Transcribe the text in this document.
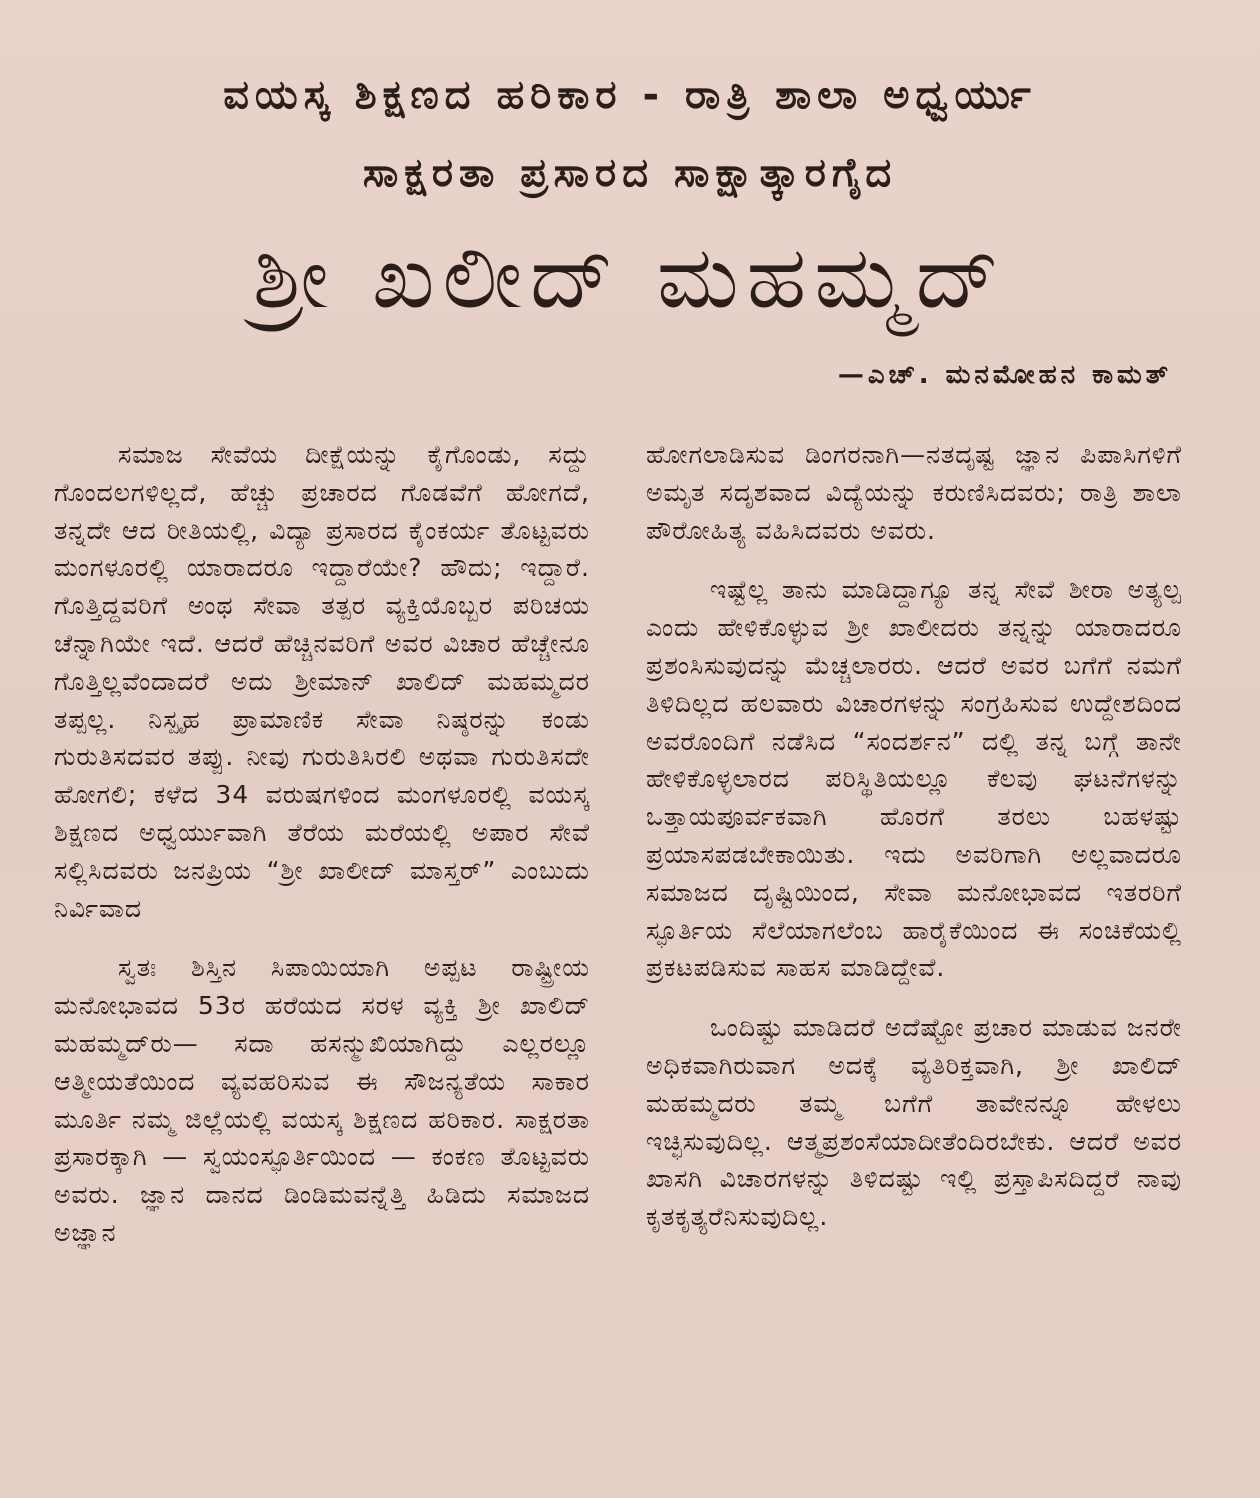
ವಯಸ್ಕ ಶಿಕ್ಷಣದ ಹರಿಕಾರ - ರಾತ್ರಿ ಶಾಲಾ ಅಧ್ವರ್ಯು
ಸಾಕ್ಷರತಾ ಪ್ರಸಾರದ ಸಾಕ್ಷಾತ್ಕಾರಗೈದ
ಶ್ರೀ ಖಲೀದ್ ಮಹಮ್ಮದ್
—ಎಚ್. ಮನಮೋಹನ ಕಾಮತ್

ಸಮಾಜ ಸೇವೆಯ ದೀಕ್ಷೆಯನ್ನು ಕೈಗೊಂಡು, ಸದ್ದು ಗೊಂದಲಗಳಿಲ್ಲದೆ, ಹೆಚ್ಚು ಪ್ರಚಾರದ ಗೊಡವೆಗೆ ಹೋಗದೆ, ತನ್ನದೇ ಆದ ರೀತಿಯಲ್ಲಿ, ವಿದ್ಯಾ ಪ್ರಸಾರದ ಕೈಂಕರ್ಯ ತೊಟ್ಟವರು ಮಂಗಳೂರಲ್ಲಿ ಯಾರಾದರೂ ಇದ್ದಾರೆಯೇ? ಹೌದು; ಇದ್ದಾರೆ. ಗೊತ್ತಿದ್ದವರಿಗೆ ಅಂಥ ಸೇವಾ ತತ್ಪರ ವ್ಯಕ್ತಿಯೊಬ್ಬರ ಪರಿಚಯ ಚೆನ್ನಾಗಿಯೇ ಇದೆ. ಆದರೆ ಹೆಚ್ಚಿನವರಿಗೆ ಅವರ ವಿಚಾರ ಹೆಚ್ಚೇನೂ ಗೊತ್ತಿಲ್ಲವೆಂದಾದರೆ ಅದು ಶ್ರೀಮಾನ್ ಖಾಲಿದ್ ಮಹಮ್ಮದರ ತಪ್ಪಲ್ಲ. ನಿಸ್ಪೃಹ ಪ್ರಾಮಾಣಿಕ ಸೇವಾ ನಿಷ್ಠರನ್ನು ಕಂಡು ಗುರುತಿಸದವರ ತಪ್ಪು. ನೀವು ಗುರುತಿಸಿರಲಿ ಅಥವಾ ಗುರುತಿಸದೇ ಹೋಗಲಿ; ಕಳೆದ 34 ವರುಷಗಳಿಂದ ಮಂಗಳೂರಲ್ಲಿ ವಯಸ್ಕ ಶಿಕ್ಷಣದ ಅಧ್ವರ್ಯುವಾಗಿ ತೆರೆಯ ಮರೆಯಲ್ಲಿ ಅಪಾರ ಸೇವೆ ಸಲ್ಲಿಸಿದವರು ಜನಪ್ರಿಯ “ಶ್ರೀ ಖಾಲೀದ್ ಮಾಸ್ತರ್” ಎಂಬುದು ನಿರ್ವಿವಾದ

ಸ್ವತಃ ಶಿಸ್ತಿನ ಸಿಪಾಯಿಯಾಗಿ ಅಪ್ಪಟ ರಾಷ್ಟ್ರೀಯ ಮನೋಭಾವದ 53ರ ಹರೆಯದ ಸರಳ ವ್ಯಕ್ತಿ ಶ್ರೀ ಖಾಲಿದ್ ಮಹಮ್ಮದ್‌ರು— ಸದಾ ಹಸನ್ಮುಖಿಯಾಗಿದ್ದು ಎಲ್ಲರಲ್ಲೂ ಆತ್ಮೀಯತೆಯಿಂದ ವ್ಯವಹರಿಸುವ ಈ ಸೌಜನ್ಯತೆಯ ಸಾಕಾರ ಮೂರ್ತಿ ನಮ್ಮ ಜಿಲ್ಲೆಯಲ್ಲಿ ವಯಸ್ಕ ಶಿಕ್ಷಣದ ಹರಿಕಾರ. ಸಾಕ್ಷರತಾ ಪ್ರಸಾರಕ್ಕಾಗಿ — ಸ್ವಯಂಸ್ಫೂರ್ತಿಯಿಂದ — ಕಂಕಣ ತೊಟ್ಟವರು ಅವರು. ಜ್ಞಾನ ದಾನದ ಡಿಂಡಿಮವನ್ನೆತ್ತಿ ಹಿಡಿದು ಸಮಾಜದ ಅಜ್ಞಾನ

ಹೋಗಲಾಡಿಸುವ ಡಿಂಗರನಾಗಿ—ನತದೃಷ್ಟ ಜ್ಞಾನ ಪಿಪಾಸಿಗಳಿಗೆ ಅಮೃತ ಸದೃಶವಾದ ವಿದ್ಯೆಯನ್ನು ಕರುಣಿಸಿದವರು; ರಾತ್ರಿ ಶಾಲಾ ಪೌರೋಹಿತ್ಯ ವಹಿಸಿದವರು ಅವರು.

ಇಷ್ಟೆಲ್ಲ ತಾನು ಮಾಡಿದ್ದಾಗ್ಯೂ ತನ್ನ ಸೇವೆ ಶೀರಾ ಅತ್ಯಲ್ಪ ಎಂದು ಹೇಳಿಕೊಳ್ಳುವ ಶ್ರೀ ಖಾಲೀದರು ತನ್ನನ್ನು ಯಾರಾದರೂ ಪ್ರಶಂಸಿಸುವುದನ್ನು ಮೆಚ್ಚಲಾರರು. ಆದರೆ ಅವರ ಬಗೆಗೆ ನಮಗೆ ತಿಳಿದಿಲ್ಲದ ಹಲವಾರು ವಿಚಾರಗಳನ್ನು ಸಂಗ್ರಹಿಸುವ ಉದ್ದೇಶದಿಂದ ಅವರೊಂದಿಗೆ ನಡೆಸಿದ “ಸಂದರ್ಶನ” ದಲ್ಲಿ ತನ್ನ ಬಗ್ಗೆ ತಾನೇ ಹೇಳಿಕೊಳ್ಳಲಾರದ ಪರಿಸ್ಥಿತಿಯಲ್ಲೂ ಕೆಲವು ಘಟನೆಗಳನ್ನು ಒತ್ತಾಯಪೂರ್ವಕವಾಗಿ ಹೊರಗೆ ತರಲು ಬಹಳಷ್ಟು ಪ್ರಯಾಸಪಡಬೇಕಾಯಿತು. ಇದು ಅವರಿಗಾಗಿ ಅಲ್ಲವಾದರೂ ಸಮಾಜದ ದೃಷ್ಟಿಯಿಂದ, ಸೇವಾ ಮನೋಭಾವದ ಇತರರಿಗೆ ಸ್ಫೂರ್ತಿಯ ಸೆಲೆಯಾಗಲೆಂಬ ಹಾರೈಕೆಯಿಂದ ಈ ಸಂಚಿಕೆಯಲ್ಲಿ ಪ್ರಕಟಪಡಿಸುವ ಸಾಹಸ ಮಾಡಿದ್ದೇವೆ.

ಒಂದಿಷ್ಟು ಮಾಡಿದರೆ ಅದೆಷ್ಟೋ ಪ್ರಚಾರ ಮಾಡುವ ಜನರೇ ಅಧಿಕವಾಗಿರುವಾಗ ಅದಕ್ಕೆ ವ್ಯತಿರಿಕ್ತವಾಗಿ, ಶ್ರೀ ಖಾಲಿದ್ ಮಹಮ್ಮದರು ತಮ್ಮ ಬಗೆಗೆ ತಾವೇನನ್ನೂ ಹೇಳಲು ಇಚ್ಛಿಸುವುದಿಲ್ಲ. ಆತ್ಮಪ್ರಶಂಸೆಯಾದೀತೆಂದಿರಬೇಕು. ಆದರೆ ಅವರ ಖಾಸಗಿ ವಿಚಾರಗಳನ್ನು ತಿಳಿದಷ್ಟು ಇಲ್ಲಿ ಪ್ರಸ್ತಾಪಿಸದಿದ್ದರೆ ನಾವು ಕೃತಕೃತ್ಯರೆನಿಸುವುದಿಲ್ಲ.
